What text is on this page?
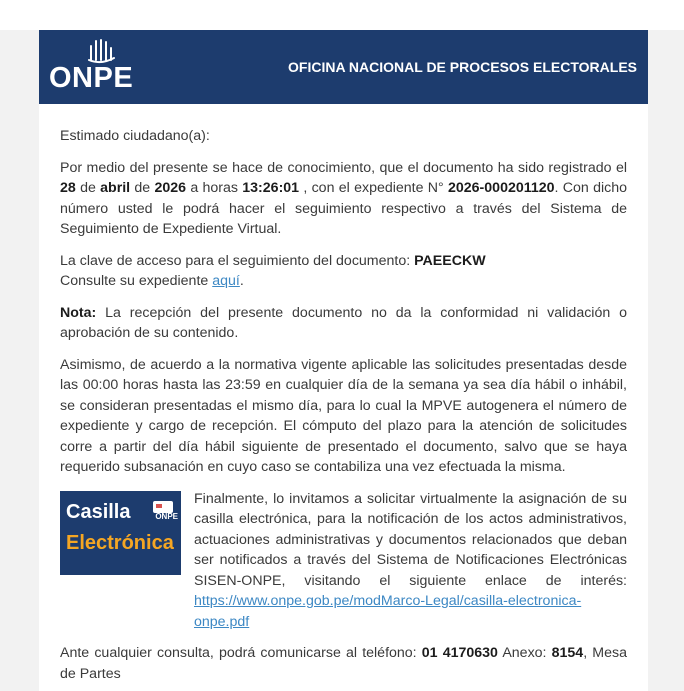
ONPE	OFICINA NACIONAL DE PROCESOS ELECTORALES

Estimado ciudadano(a):

Por medio del presente se hace de conocimiento, que el documento ha sido registrado el 28 de abril de 2026 a horas 13:26:01 , con el expediente N° 2026-000201120. Con dicho número usted le podrá hacer el seguimiento respectivo a través del Sistema de Seguimiento de Expediente Virtual.

La clave de acceso para el seguimiento del documento: PAEECKW
Consulte su expediente aquí.

Nota: La recepción del presente documento no da la conformidad ni validación o aprobación de su contenido.

Asimismo, de acuerdo a la normativa vigente aplicable las solicitudes presentadas desde las 00:00 horas hasta las 23:59 en cualquier día de la semana ya sea día hábil o inhábil, se consideran presentadas el mismo día, para lo cual la MPVE autogenera el número de expediente y cargo de recepción. El cómputo del plazo para la atención de solicitudes corre a partir del día hábil siguiente de presentado el documento, salvo que se haya requerido subsanación en cuyo caso se contabiliza una vez efectuada la misma.

Casilla
Electrónica
ONPE
Finalmente, lo invitamos a solicitar virtualmente la asignación de su casilla electrónica, para la notificación de los actos administrativos, actuaciones administrativas y documentos relacionados que deban ser notificados a través del Sistema de Notificaciones Electrónicas SISEN-ONPE, visitando el siguiente enlace de interés: https://www.onpe.gob.pe/modMarco-Legal/casilla-electronica-onpe.pdf

Ante cualquier consulta, podrá comunicarse al teléfono: 01 4170630 Anexo: 8154, Mesa de Partes
